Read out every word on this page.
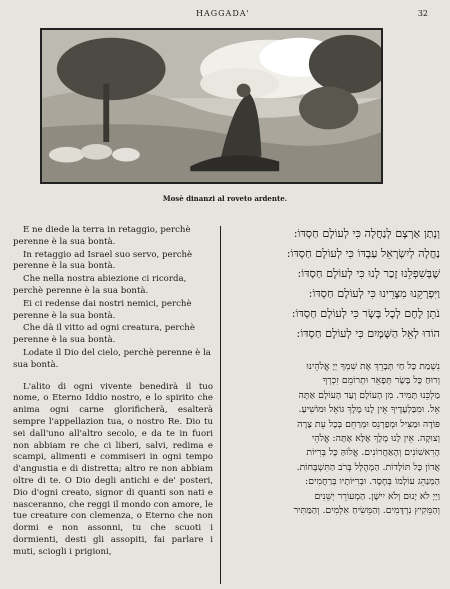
HAGGADA'	32
Mosè dinanzi al roveto ardente.

E ne diede la terra in retaggio, perchè perenne è la sua bontà.

In retaggio ad Israel suo servo, perchè perenne è la sua bontà.

Che nella nostra abiezione ci ricorda, perchè perenne è la sua bontà.

Ei ci redense dai nostri nemici, perchè perenne è la sua bontà.

Che dà il vitto ad ogni creatura, perchè perenne è la sua bontà.

Lodate il Dio del cielo, perchè perenne è la sua bontà.

L'alito di ogni vivente benedirà il tuo nome, o Eterno Iddio nostro, e lo spirito che anima ogni carne glorificherà, esalterà sempre l'appellazion tua, o nostro Re. Dio tu sei dall'uno all'altro secolo, e da te in fuori non abbiam re che ci liberi, salvi, redima e scampi, alimenti e commiseri in ogni tempo d'angustia e di distretta; altro re non abbiam oltre di te. O Dio degli antichi e de' posteri, Dio d'ogni creato, signor di quanti son nati e nasceranno, che reggi il mondo con amore, le tue creature con clemenza, o Eterno che non dormi e non assonni, tu che scuoti i dormienti, desti gli assopiti, fai parlare i muti, sciogli i prigioni,

וְנָתַן אַרְצָם לְנַחֲלָה כִּי לְעוֹלָם חַסְדּוֹ:

נַחֲלָה לְיִשְׂרָאֵל עַבְדּוֹ כִּי לְעוֹלָם חַסְדּוֹ:

שֶׁבְּשִׁפְלֵנוּ זָכַר לָנוּ כִּי לְעוֹלָם חַסְדּוֹ:

וַיִּפְרְקֵנוּ מִצָּרֵינוּ כִּי לְעוֹלָם חַסְדּוֹ:

נֹתֵן לֶחֶם לְכָל בָּשָׂר כִּי לְעוֹלָם חַסְדּוֹ:

הוֹדוּ לְאֵל הַשָּׁמָיִם כִּי לְעוֹלָם חַסְדּוֹ:

נִשְׁמַת כָּל חַי תְּבָרֵךְ אֶת שִׁמְךָ יְיָ אֱלֹהֵינוּ

וְרוּחַ כָּל בָּשָׂר תְּפָאֵר וּתְרוֹמֵם זִכְרְךָ

מַלְכֵּנוּ תָּמִיד. מִן הָעוֹלָם וְעַד הָעוֹלָם אַתָּה

אֵל. וּמִבַּלְעָדֶיךָ אֵין לָנוּ מֶלֶךְ גּוֹאֵל וּמוֹשִׁיעַ.

פּוֹדֶה וּמַצִּיל וּמְפַרְנֵס וּמְרַחֵם בְּכָל עֵת צָרָה

וְצוּקָה. אֵין לָנוּ מֶלֶךְ אֶלָּא אָתָּה: אֱלֹהֵי

הָרִאשׁוֹנִים וְהָאַחֲרוֹנִים. אֱלוֹהַּ כָּל בְּרִיּוֹת

אֲדוֹן כָּל תּוֹלָדוֹת. הַמְהֻלָּל בְּרֹב הַתִּשְׁבָּחוֹת.

הַמְנַהֵג עוֹלָמוֹ בְּחֶסֶד. וּבְרִיּוֹתָיו בְּרַחֲמִים:

וַיְיָ לֹא יָנוּם וְלֹא יִישָׁן. הַמְעוֹרֵר יְשֵׁנִים

וְהַמֵּקִיץ נִרְדָּמִים. וְהַמֵּשִׂיחַ אִלְּמִים. וְהַמַּתִּיר
